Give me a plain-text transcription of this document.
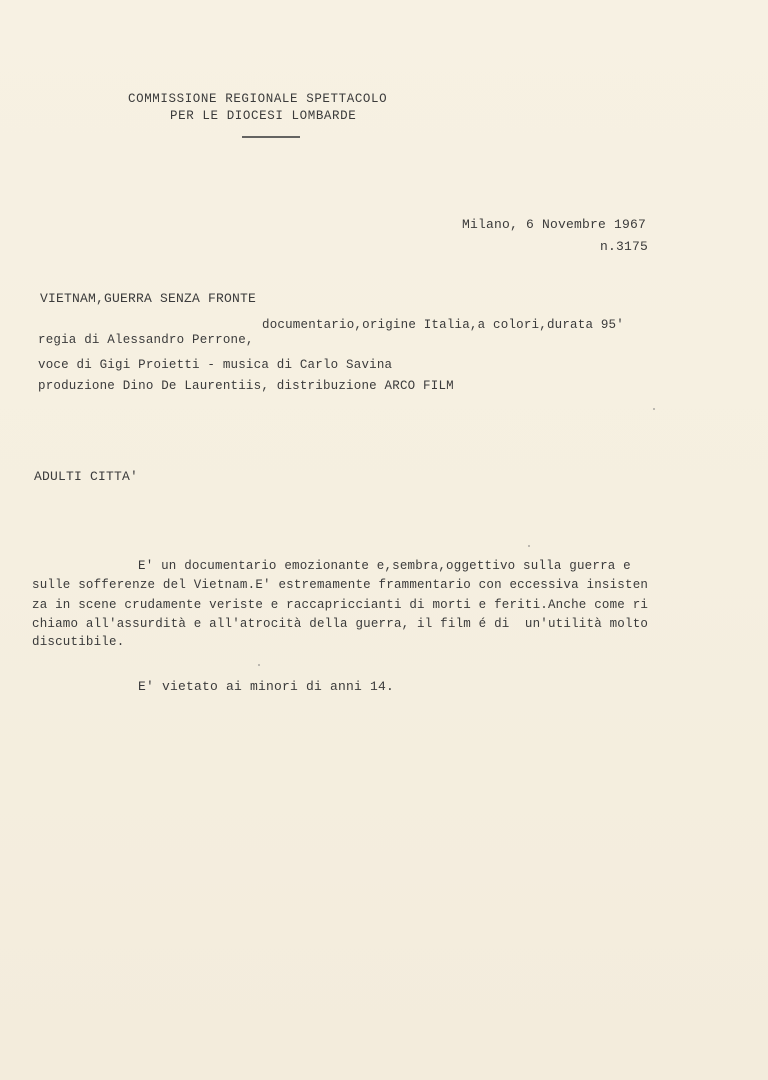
COMMISSIONE REGIONALE SPETTACOLO
PER LE DIOCESI LOMBARDE
Milano, 6 Novembre 1967
n.3175
VIETNAM,GUERRA SENZA FRONTE
documentario,origine Italia,a colori,durata 95'
regia di Alessandro Perrone,
voce di Gigi Proietti - musica di Carlo Savina
produzione Dino De Laurentiis, distribuzione ARCO FILM
ADULTI CITTA'
E' un documentario emozionante e,sembra,oggettivo sulla guerra e
sulle sofferenze del Vietnam.E' estremamente frammentario con eccessiva insisten
za in scene crudamente veriste e raccapriccianti di morti e feriti.Anche come ri
chiamo all'assurdità e all'atrocità della guerra, il film é di  un'utilità molto
discutibile.
E' vietato ai minori di anni 14.
